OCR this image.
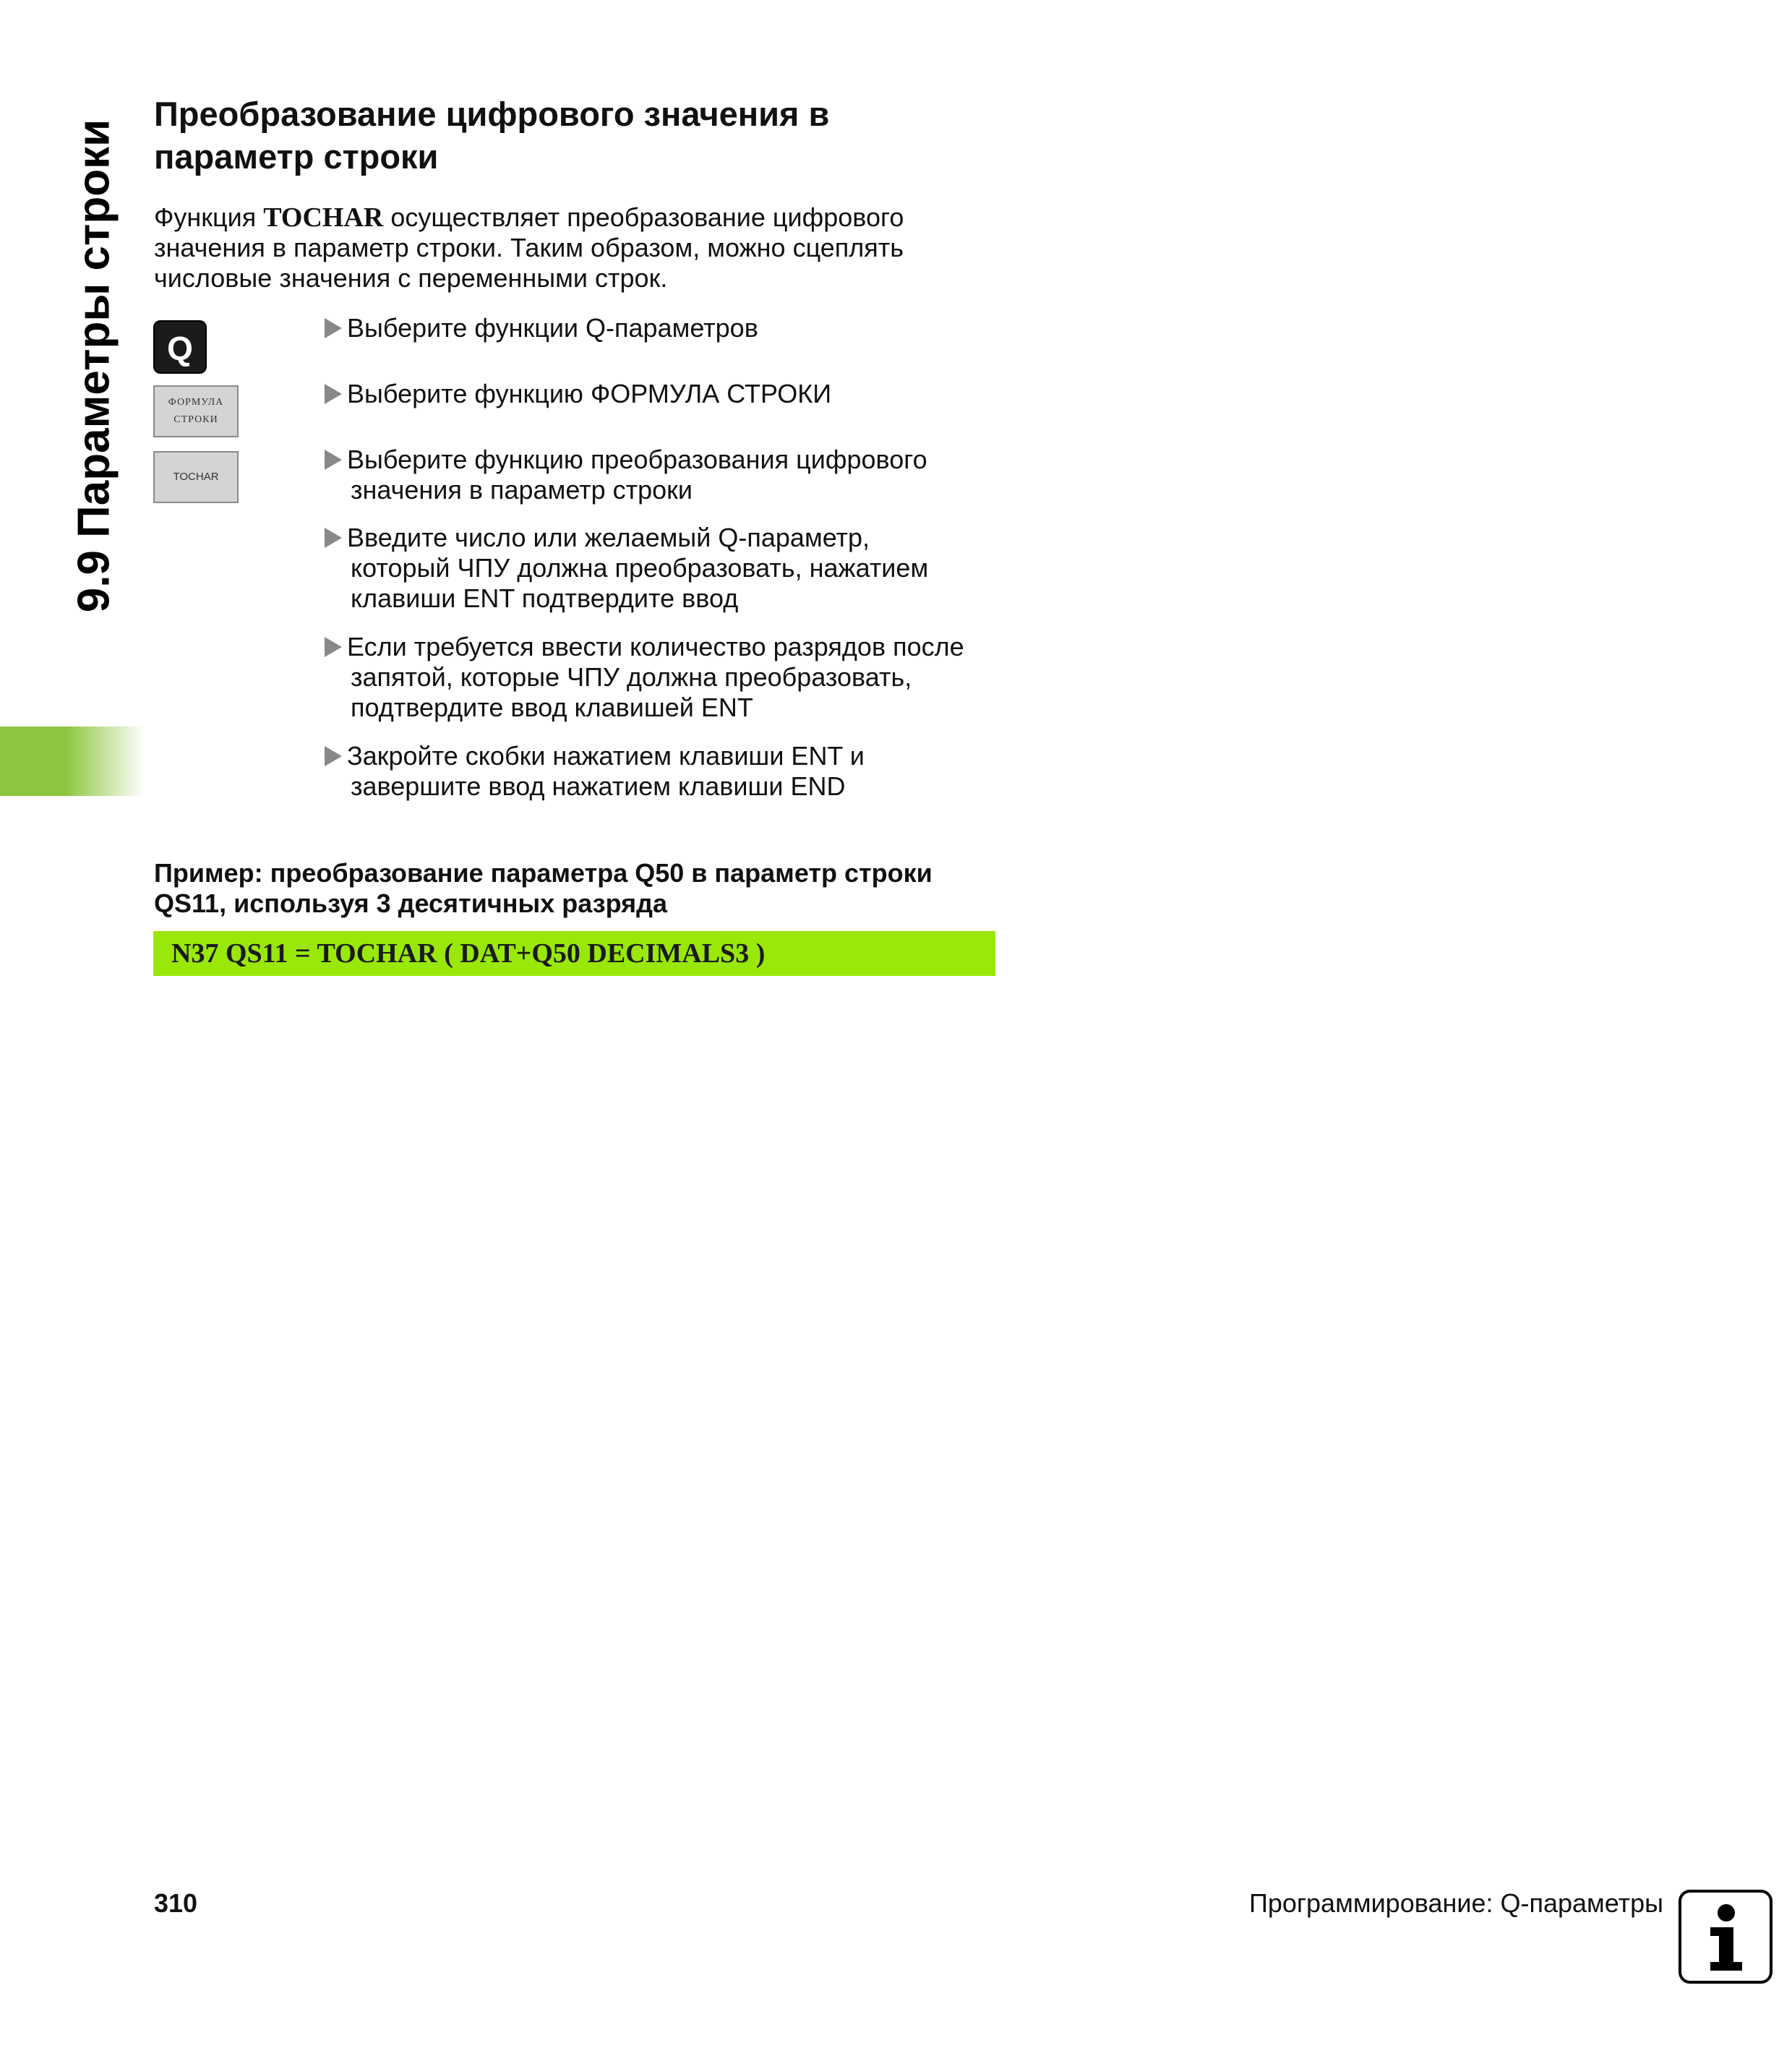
9.9 Параметры строки
Преобразование цифрового значения в
параметр строки

Функция TOCHAR осуществляет преобразование цифрового
значения в параметр строки. Таким образом, можно сцеплять
числовые значения с переменными строк.

Q
ФОРМУЛА
СТРОКИ
TOCHAR
Выберите функции Q-параметров
Выберите функцию ФОРМУЛА СТРОКИ
Выберите функцию преобразования цифрового
значения в параметр строки
Введите число или желаемый Q-параметр,
который ЧПУ должна преобразовать, нажатием
клавиши ENT подтвердите ввод
Если требуется ввести количество разрядов после
запятой, которые ЧПУ должна преобразовать,
подтвердите ввод клавишей ENT
Закройте скобки нажатием клавиши ENT и
завершите ввод нажатием клавиши END

Пример: преобразование параметра Q50 в параметр строки
QS11, используя 3 десятичных разряда

N37 QS11 = TOCHAR ( DAT+Q50 DECIMALS3 )
310	Программирование: Q-параметры
